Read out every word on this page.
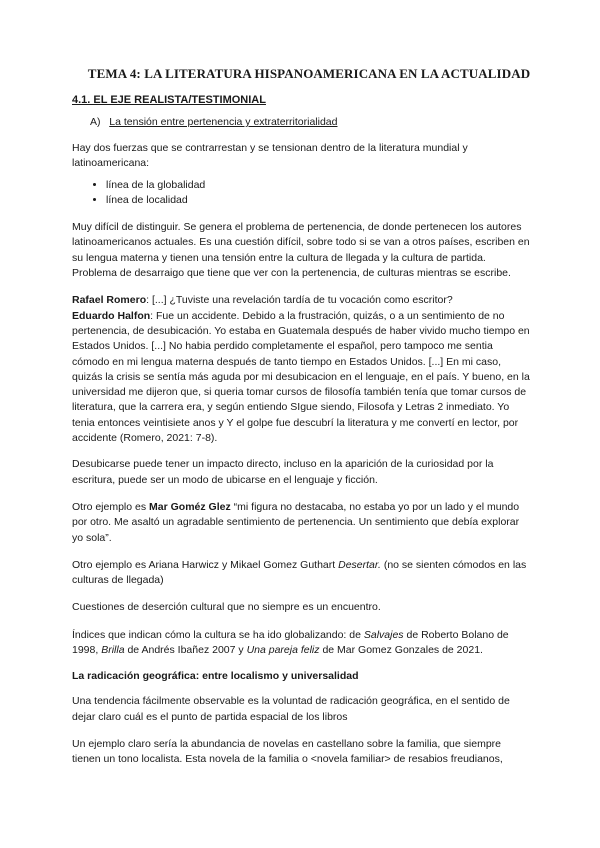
TEMA 4: LA LITERATURA HISPANOAMERICANA EN LA ACTUALIDAD
4.1. EL EJE REALISTA/TESTIMONIAL
A) La tensión entre pertenencia y extraterritorialidad

Hay dos fuerzas que se contrarrestan y se tensionan dentro de la literatura mundial y latinoamericana:

• línea de la globalidad
• línea de localidad

Muy difícil de distinguir. Se genera el problema de pertenencia, de donde pertenecen los autores latinoamericanos actuales. Es una cuestión difícil, sobre todo si se van a otros países, escriben en su lengua materna y tienen una tensión entre la cultura de llegada y la cultura de partida. Problema de desarraigo que tiene que ver con la pertenencia, de culturas mientras se escribe.

Rafael Romero: [...] ¿Tuviste una revelación tardía de tu vocación como escritor?
Eduardo Halfon: Fue un accidente. Debido a la frustración, quizás, o a un sentimiento de no pertenencia, de desubicación. Yo estaba en Guatemala después de haber vivido mucho tiempo en Estados Unidos. [...] No habia perdido completamente el español, pero tampoco me sentia cómodo en mi lengua materna después de tanto tiempo en Estados Unidos. [...] En mi caso, quizás la crisis se sentía más aguda por mi desubicacion en el lenguaje, en el país. Y bueno, en la universidad me dijeron que, si queria tomar cursos de filosofía también tenía que tomar cursos de literatura, que la carrera era, y según entiendo SIgue siendo, Filosofa y Letras 2 inmediato. Yo tenia entonces veintisiete anos y Y el golpe fue descubrí la literatura y me convertí en lector, por accidente (Romero, 2021: 7-8).

Desubicarse puede tener un impacto directo, incluso en la aparición de la curiosidad por la escritura, puede ser un modo de ubicarse en el lenguaje y ficción.

Otro ejemplo es Mar Goméz Glez “mi figura no destacaba, no estaba yo por un lado y el mundo por otro. Me asaltó un agradable sentimiento de pertenencia. Un sentimiento que debía explorar yo sola”.

Otro ejemplo es Ariana Harwicz y Mikael Gomez Guthart Desertar. (no se sienten cómodos en las culturas de llegada)

Cuestiones de deserción cultural que no siempre es un encuentro.

Índices que indican cómo la cultura se ha ido globalizando: de Salvajes de Roberto Bolano de 1998, Brilla de Andrés Ibañez 2007 y Una pareja feliz de Mar Gomez Gonzales de 2021.

La radicación geográfica: entre localismo y universalidad

Una tendencia fácilmente observable es la voluntad de radicación geográfica, en el sentido de dejar claro cuál es el punto de partida espacial de los libros

Un ejemplo claro sería la abundancia de novelas en castellano sobre la familia, que siempre tienen un tono localista. Esta novela de la familia o <novela familiar> de resabios freudianos,
